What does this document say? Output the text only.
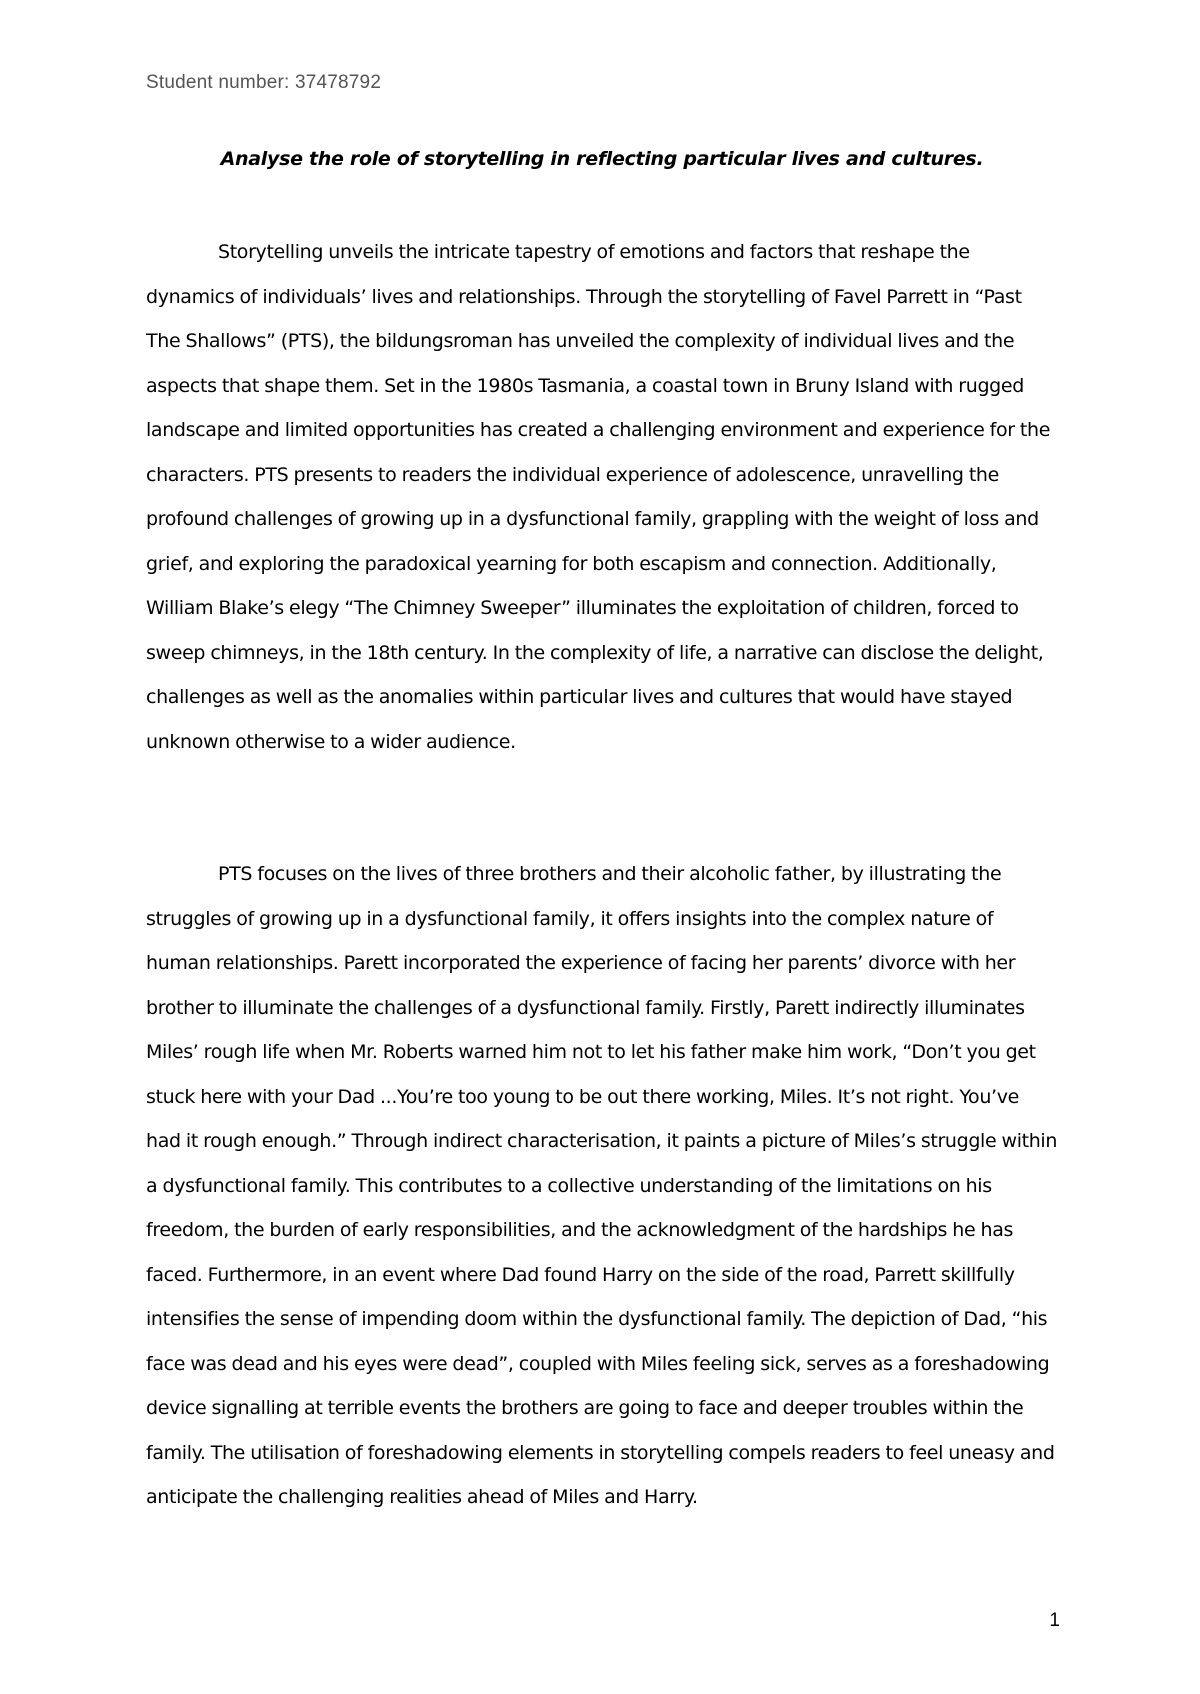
Student number: 37478792
Analyse the role of storytelling in reflecting particular lives and cultures.

Storytelling unveils the intricate tapestry of emotions and factors that reshape the dynamics of individuals’ lives and relationships. Through the storytelling of Favel Parrett in “Past The Shallows” (PTS), the bildungsroman has unveiled the complexity of individual lives and the aspects that shape them. Set in the 1980s Tasmania, a coastal town in Bruny Island with rugged landscape and limited opportunities has created a challenging environment and experience for the characters. PTS presents to readers the individual experience of adolescence, unravelling the profound challenges of growing up in a dysfunctional family, grappling with the weight of loss and grief, and exploring the paradoxical yearning for both escapism and connection. Additionally, William Blake’s elegy “The Chimney Sweeper” illuminates the exploitation of children, forced to sweep chimneys, in the 18th century. In the complexity of life, a narrative can disclose the delight, challenges as well as the anomalies within particular lives and cultures that would have stayed unknown otherwise to a wider audience.

PTS focuses on the lives of three brothers and their alcoholic father, by illustrating the struggles of growing up in a dysfunctional family, it offers insights into the complex nature of human relationships. Parett incorporated the experience of facing her parents’ divorce with her brother to illuminate the challenges of a dysfunctional family. Firstly, Parett indirectly illuminates Miles’ rough life when Mr. Roberts warned him not to let his father make him work, “Don’t you get stuck here with your Dad ...You’re too young to be out there working, Miles. It’s not right. You’ve had it rough enough.” Through indirect characterisation, it paints a picture of Miles’s struggle within a dysfunctional family. This contributes to a collective understanding of the limitations on his freedom, the burden of early responsibilities, and the acknowledgment of the hardships he has faced. Furthermore, in an event where Dad found Harry on the side of the road, Parrett skillfully intensifies the sense of impending doom within the dysfunctional family. The depiction of Dad, “his face was dead and his eyes were dead”, coupled with Miles feeling sick, serves as a foreshadowing device signalling at terrible events the brothers are going to face and deeper troubles within the family. The utilisation of foreshadowing elements in storytelling compels readers to feel uneasy and anticipate the challenging realities ahead of Miles and Harry.

1
